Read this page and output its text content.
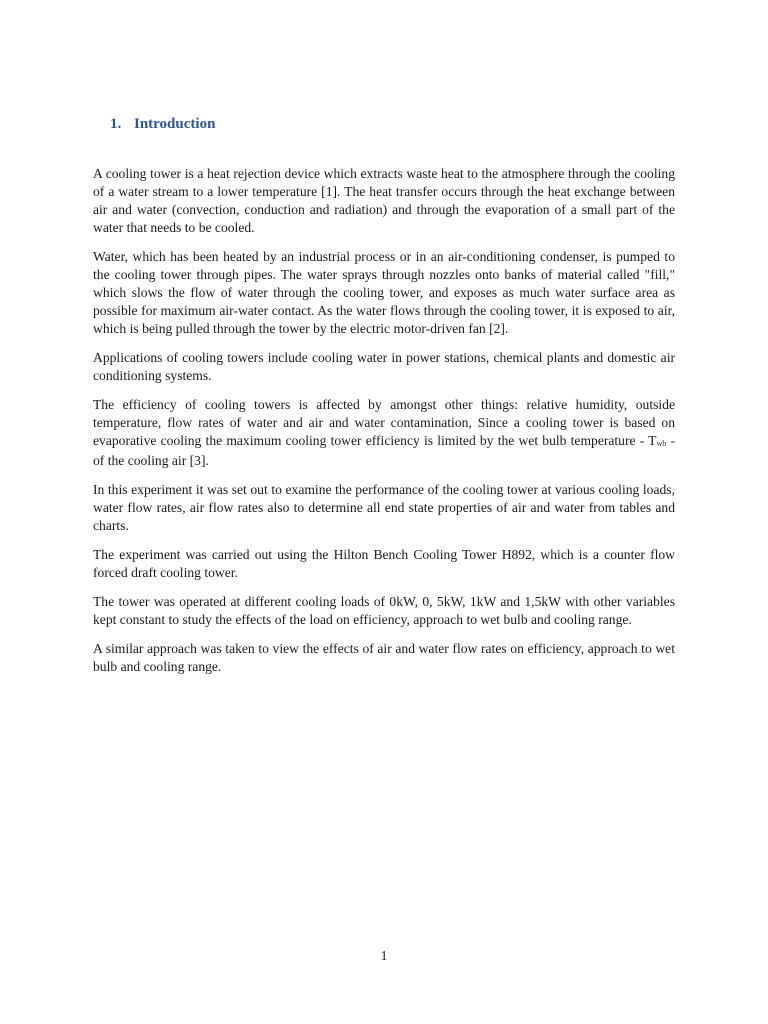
1. Introduction

A cooling tower is a heat rejection device which extracts waste heat to the atmosphere through the cooling of a water stream to a lower temperature [1]. The heat transfer occurs through the heat exchange between air and water (convection, conduction and radiation) and through the evaporation of a small part of the water that needs to be cooled.

Water, which has been heated by an industrial process or in an air-conditioning condenser, is pumped to the cooling tower through pipes. The water sprays through nozzles onto banks of material called "fill," which slows the flow of water through the cooling tower, and exposes as much water surface area as possible for maximum air-water contact. As the water flows through the cooling tower, it is exposed to air, which is being pulled through the tower by the electric motor-driven fan [2].

Applications of cooling towers include cooling water in power stations, chemical plants and domestic air conditioning systems.

The efficiency of cooling towers is affected by amongst other things: relative humidity, outside temperature, flow rates of water and air and water contamination, Since a cooling tower is based on evaporative cooling the maximum cooling tower efficiency is limited by the wet bulb temperature - $T_{wb}$ - of the cooling air [3].

In this experiment it was set out to examine the performance of the cooling tower at various cooling loads, water flow rates, air flow rates also to determine all end state properties of air and water from tables and charts.

The experiment was carried out using the Hilton Bench Cooling Tower H892, which is a counter flow forced draft cooling tower.

The tower was operated at different cooling loads of 0kW, 0, 5kW, 1kW and 1,5kW with other variables kept constant to study the effects of the load on efficiency, approach to wet bulb and cooling range.

A similar approach was taken to view the effects of air and water flow rates on efficiency, approach to wet bulb and cooling range.

1
